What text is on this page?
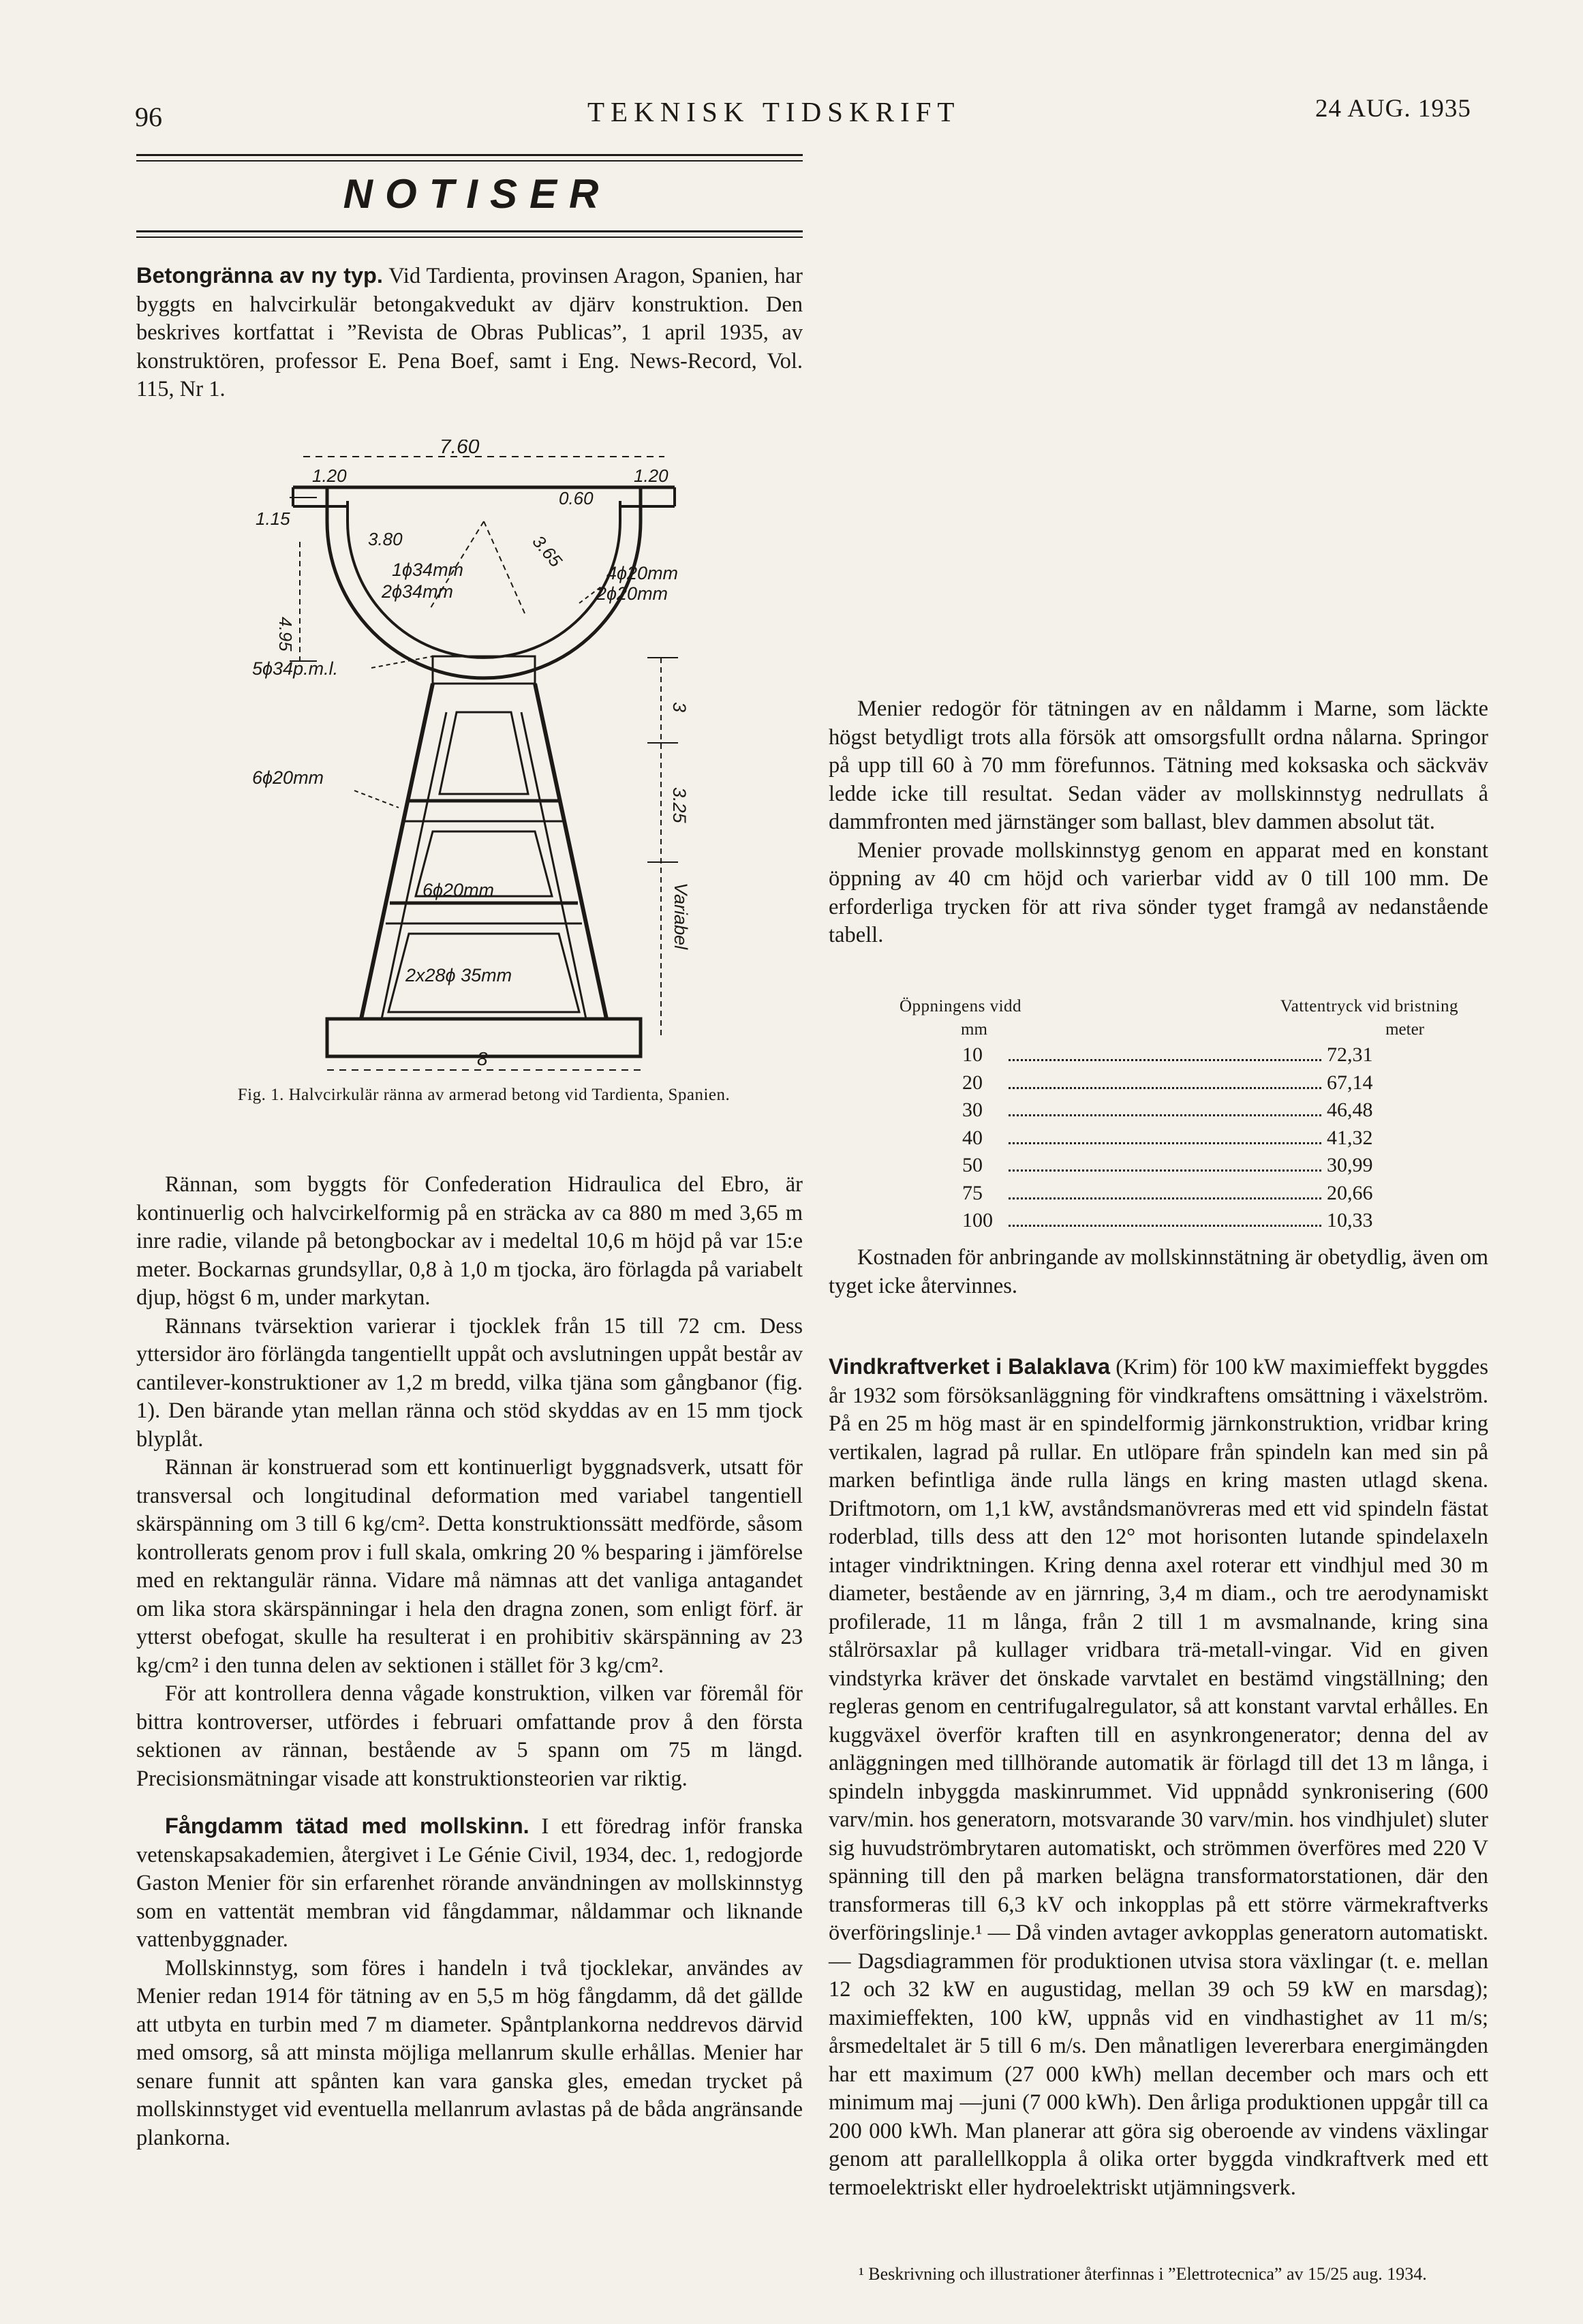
96	TEKNISK TIDSKRIFT	24 AUG. 1935
NOTISER

Betongränna av ny typ. Vid Tardienta, provinsen Aragon, Spanien, har byggts en halvcirkulär betongakvedukt av djärv konstruktion. Den beskrives kortfattat i ”Revista de Obras Publicas”, 1 april 1935, av konstruktören, professor E. Pena Boef, samt i Eng. News-Record, Vol. 115, Nr 1.

7.60
1.20	1.20
0.60
1.15
3.80	3.65
4.95
1ɸ34mm
2ɸ34mm
4ɸ20mm
2ɸ20mm
5ɸ34p.m.l.
6ɸ20mm
6ɸ20mm
2x28ɸ 35mm
3
3.25
Variabel
8
Fig. 1. Halvcirkulär ränna av armerad betong vid Tardienta, Spanien.

Rännan, som byggts för Confederation Hidraulica del Ebro, är kontinuerlig och halvcirkelformig på en sträcka av ca 880 m med 3,65 m inre radie, vilande på betongbockar av i medeltal 10,6 m höjd på var 15:e meter. Bockarnas grundsyllar, 0,8 à 1,0 m tjocka, äro förlagda på variabelt djup, högst 6 m, under markytan.

Rännans tvärsektion varierar i tjocklek från 15 till 72 cm. Dess yttersidor äro förlängda tangentiellt uppåt och avslutningen uppåt består av cantilever-konstruktioner av 1,2 m bredd, vilka tjäna som gångbanor (fig. 1). Den bärande ytan mellan ränna och stöd skyddas av en 15 mm tjock blyplåt.

Rännan är konstruerad som ett kontinuerligt byggnadsverk, utsatt för transversal och longitudinal deformation med variabel tangentiell skärspänning om 3 till 6 kg/cm². Detta konstruktionssätt medförde, såsom kontrollerats genom prov i full skala, omkring 20 % besparing i jämförelse med en rektangulär ränna. Vidare må nämnas att det vanliga antagandet om lika stora skärspänningar i hela den dragna zonen, som enligt förf. är ytterst obefogat, skulle ha resulterat i en prohibitiv skärspänning av 23 kg/cm² i den tunna delen av sektionen i stället för 3 kg/cm².

För att kontrollera denna vågade konstruktion, vilken var föremål för bittra kontroverser, utfördes i februari omfattande prov å den första sektionen av rännan, bestående av 5 spann om 75 m längd. Precisionsmätningar visade att konstruktionsteorien var riktig.

Fångdamm tätad med mollskinn. I ett föredrag inför franska vetenskapsakademien, återgivet i Le Génie Civil, 1934, dec. 1, redogjorde Gaston Menier för sin erfarenhet rörande användningen av mollskinnstyg som en vattentät membran vid fångdammar, nåldammar och liknande vattenbyggnader.

Mollskinnstyg, som föres i handeln i två tjocklekar, användes av Menier redan 1914 för tätning av en 5,5 m hög fångdamm, då det gällde att utbyta en turbin med 7 m diameter. Spåntplankorna neddrevos därvid med omsorg, så att minsta möjliga mellanrum skulle erhållas. Menier har senare funnit att spånten kan vara ganska gles, emedan trycket på mollskinnstyget vid eventuella mellanrum avlastas på de båda angränsande plankorna.

Menier redogör för tätningen av en nåldamm i Marne, som läckte högst betydligt trots alla försök att omsorgsfullt ordna nålarna. Springor på upp till 60 à 70 mm förefunnos. Tätning med koksaska och säckväv ledde icke till resultat. Sedan väder av mollskinnstyg nedrullats å dammfronten med järnstänger som ballast, blev dammen absolut tät.

Menier provade mollskinnstyg genom en apparat med en konstant öppning av 40 cm höjd och varierbar vidd av 0 till 100 mm. De erforderliga trycken för att riva sönder tyget framgå av nedanstående tabell.

Öppningens vidd	Vattentryck vid bristning
mm	meter
10	72,31
20	67,14
30	46,48
40	41,32
50	30,99
75	20,66
100	10,33

Kostnaden för anbringande av mollskinnstätning är obetydlig, även om tyget icke återvinnes.

Vindkraftverket i Balaklava (Krim) för 100 kW maximieffekt byggdes år 1932 som försöksanläggning för vindkraftens omsättning i växelström. På en 25 m hög mast är en spindelformig järnkonstruktion, vridbar kring vertikalen, lagrad på rullar. En utlöpare från spindeln kan med sin på marken befintliga ände rulla längs en kring masten utlagd skena. Driftmotorn, om 1,1 kW, avståndsmanövreras med ett vid spindeln fästat roderblad, tills dess att den 12° mot horisonten lutande spindelaxeln intager vindriktningen. Kring denna axel roterar ett vindhjul med 30 m diameter, bestående av en järnring, 3,4 m diam., och tre aerodynamiskt profilerade, 11 m långa, från 2 till 1 m avsmalnande, kring sina stålrörsaxlar på kullager vridbara trä-metall-vingar. Vid en given vindstyrka kräver det önskade varvtalet en bestämd vingställning; den regleras genom en centrifugalregulator, så att konstant varvtal erhålles. En kuggväxel överför kraften till en asynkrongenerator; denna del av anläggningen med tillhörande automatik är förlagd till det 13 m långa, i spindeln inbyggda maskinrummet. Vid uppnådd synkronisering (600 varv/min. hos generatorn, motsvarande 30 varv/min. hos vindhjulet) sluter sig huvudströmbrytaren automatiskt, och strömmen överföres med 220 V spänning till den på marken belägna transformatorstationen, där den transformeras till 6,3 kV och inkopplas på ett större värmekraftverks överföringslinje.¹ — Då vinden avtager avkopplas generatorn automatiskt. — Dagsdiagrammen för produktionen utvisa stora växlingar (t. e. mellan 12 och 32 kW en augustidag, mellan 39 och 59 kW en marsdag); maximieffekten, 100 kW, uppnås vid en vindhastighet av 11 m/s; årsmedeltalet är 5 till 6 m/s. Den månatligen levererbara energimängden har ett maximum (27 000 kWh) mellan december och mars och ett minimum maj —juni (7 000 kWh). Den årliga produktionen uppgår till ca 200 000 kWh. Man planerar att göra sig oberoende av vindens växlingar genom att parallellkoppla å olika orter byggda vindkraftverk med ett termoelektriskt eller hydroelektriskt utjämningsverk.

¹ Beskrivning och illustrationer återfinnas i ”Elettrotecnica” av 15/25 aug. 1934.
